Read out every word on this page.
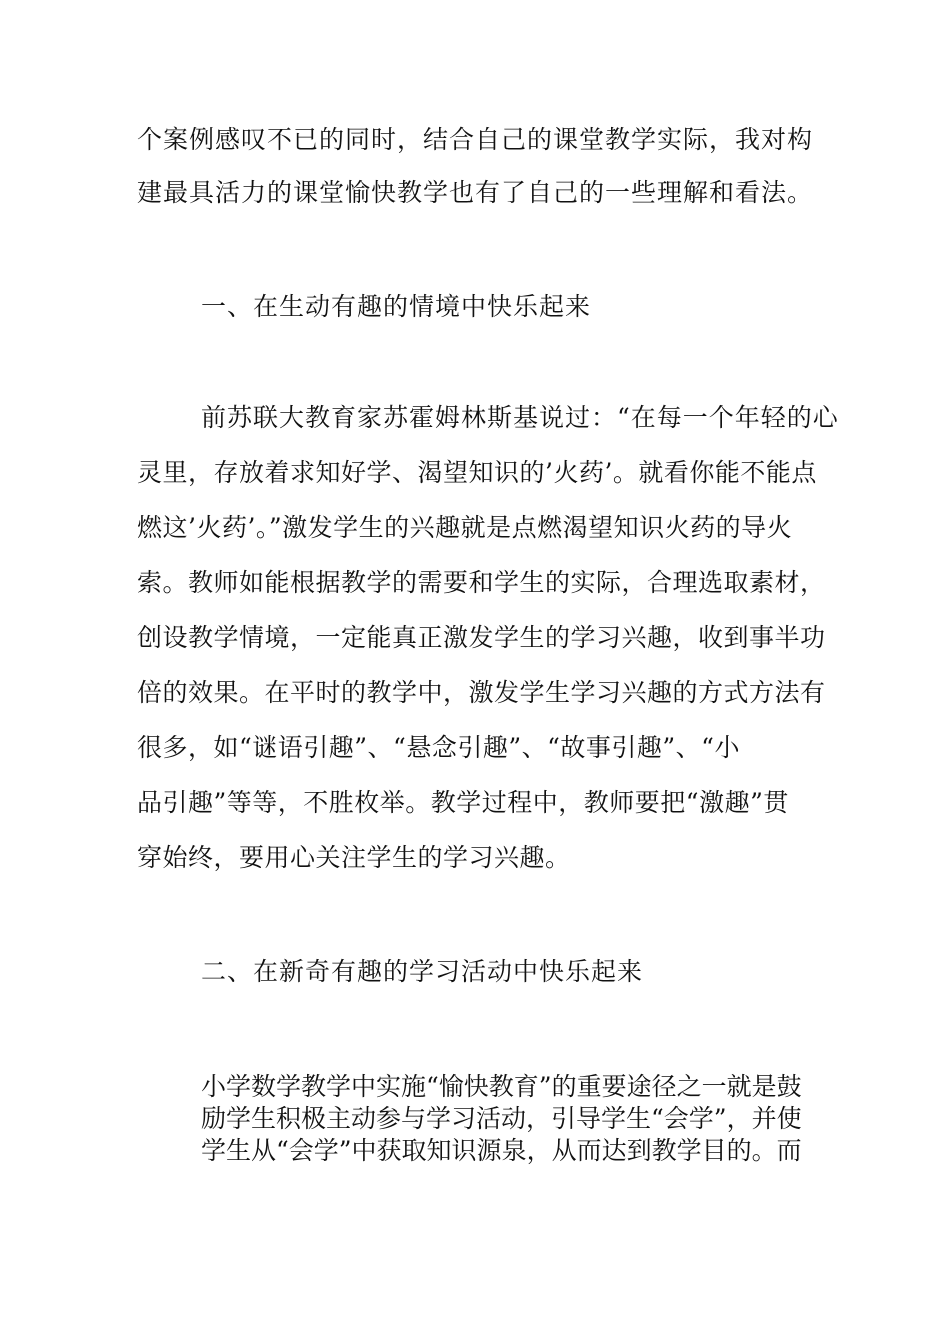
个案例感叹不已的同时，结合自己的课堂教学实际，我对构
建最具活力的课堂愉快教学也有了自己的一些理解和看法。
一、在生动有趣的情境中快乐起来
前苏联大教育家苏霍姆林斯基说过：“在每一个年轻的心
灵里，存放着求知好学、渴望知识的’火药’。就看你能不能点
燃这’火药’。”激发学生的兴趣就是点燃渴望知识火药的导火
索。教师如能根据教学的需要和学生的实际，合理选取素材，
创设教学情境，一定能真正激发学生的学习兴趣，收到事半功
倍的效果。在平时的教学中，激发学生学习兴趣的方式方法有
很多，如“谜语引趣”、“悬念引趣”、“故事引趣”、“小
品引趣”等等，不胜枚举。教学过程中，教师要把“激趣”贯
穿始终，要用心关注学生的学习兴趣。
二、在新奇有趣的学习活动中快乐起来
小学数学教学中实施“愉快教育”的重要途径之一就是鼓
励学生积极主动参与学习活动，引导学生“会学”，并使
学生从“会学”中获取知识源泉，从而达到教学目的。而
